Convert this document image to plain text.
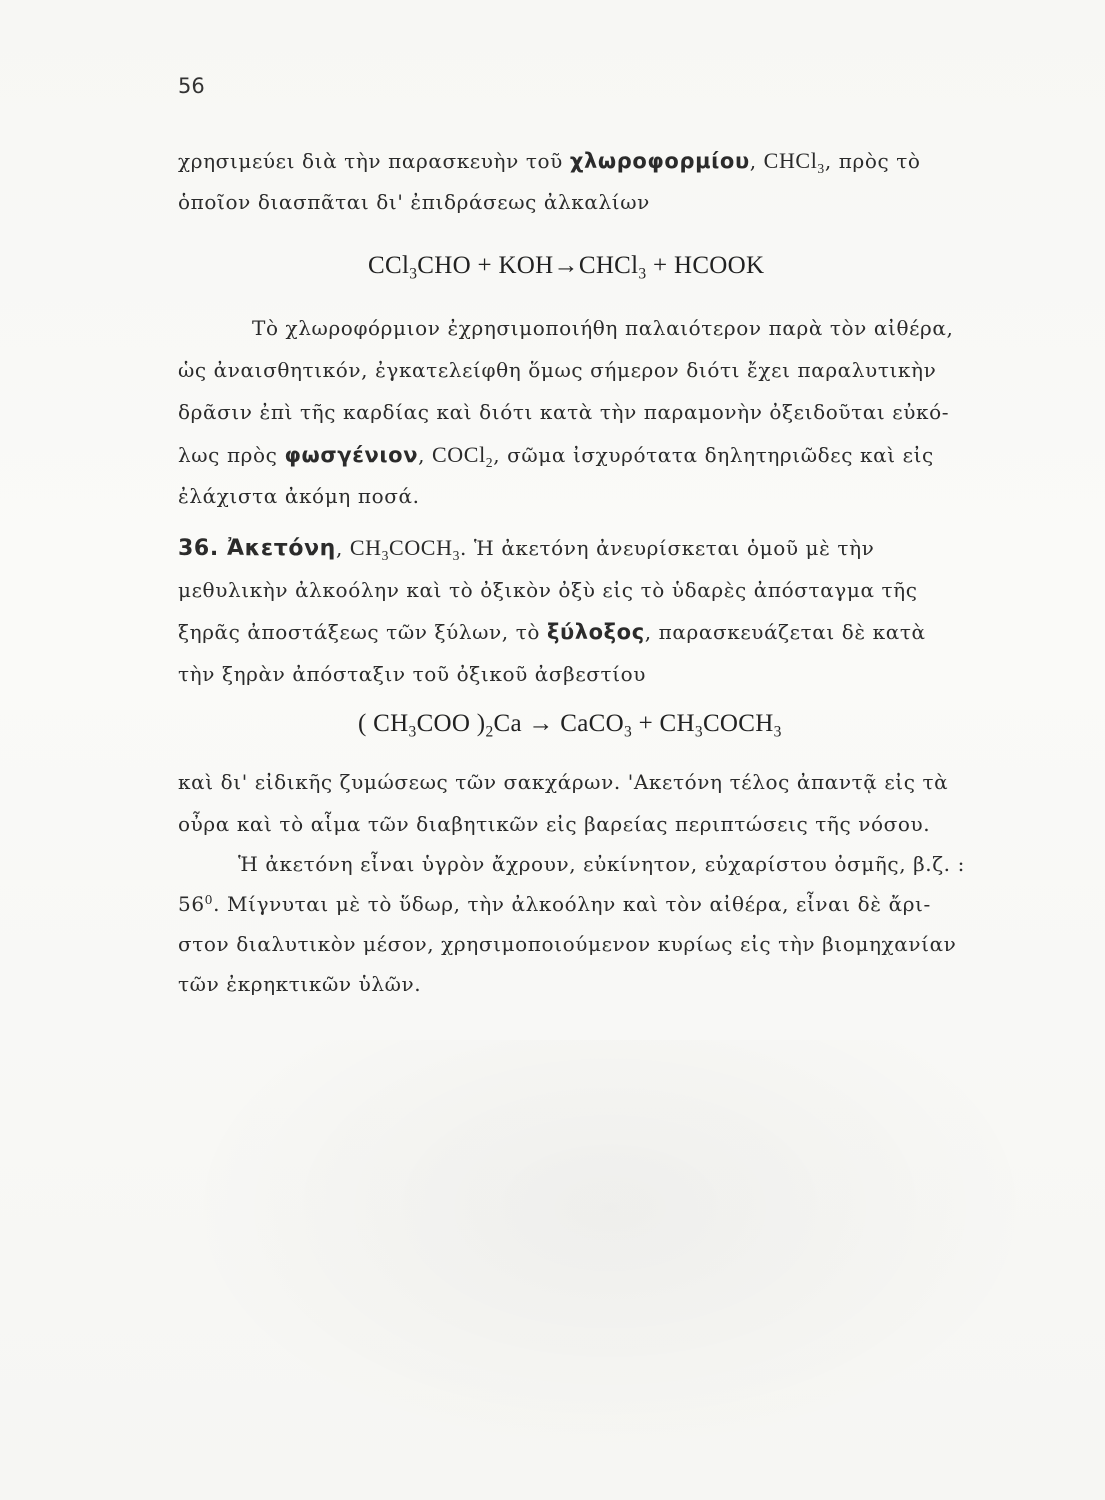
56
χρησιμεύει διὰ τὴν παρασκευὴν τοῦ χλωροφορμίου, CHCl$_3$, πρὸς τὸ
ὁποῖον διασπᾶται δι' ἐπιδράσεως ἀλκαλίων
CCl$_3$CHO + KOH→CHCl$_3$ + HCOOK
Τὸ χλωροφόρμιον ἐχρησιμοποιήθη παλαιότερον παρὰ τὸν αἰθέρα,
ὡς ἀναισθητικόν, ἐγκατελείφθη ὅμως σήμερον διότι ἔχει παραλυτικὴν
δρᾶσιν ἐπὶ τῆς καρδίας καὶ διότι κατὰ τὴν παραμονὴν ὀξειδοῦται εὐκό-
λως πρὸς φωσγένιον, COCl$_2$, σῶμα ἰσχυρότατα δηλητηριῶδες καὶ εἰς
ἐλάχιστα ἀκόμη ποσά.
36. Ἀκετόνη, $CH_3COCH_3$. Ἡ ἀκετόνη ἀνευρίσκεται ὁμοῦ μὲ τὴν
μεθυλικὴν ἀλκοόλην καὶ τὸ ὀξικὸν ὀξὺ εἰς τὸ ὑδαρὲς ἀπόσταγμα τῆς
ξηρᾶς ἀποστάξεως τῶν ξύλων, τὸ ξύλοξος, παρασκευάζεται δὲ κατὰ
τὴν ξηρὰν ἀπόσταξιν τοῦ ὀξικοῦ ἀσβεστίου
( $CH_3COO$ )$_2Ca$ → CaCO$_3$ + $CH_3COCH_3$
καὶ δι' εἰδικῆς ζυμώσεως τῶν σακχάρων. 'Ακετόνη τέλος ἀπαντᾷ εἰς τὰ
οὖρα καὶ τὸ αἷμα τῶν διαβητικῶν εἰς βαρείας περιπτώσεις τῆς νόσου.
Ἡ ἀκετόνη εἶναι ὑγρὸν ἄχρουν, εὐκίνητον, εὐχαρίστου ὀσμῆς, β.ζ. :
$56^0$. Μίγνυται μὲ τὸ ὕδωρ, τὴν ἀλκοόλην καὶ τὸν αἰθέρα, εἶναι δὲ ἄρι-
στον διαλυτικὸν μέσον, χρησιμοποιούμενον κυρίως εἰς τὴν βιομηχανίαν
τῶν ἐκρηκτικῶν ὑλῶν.
